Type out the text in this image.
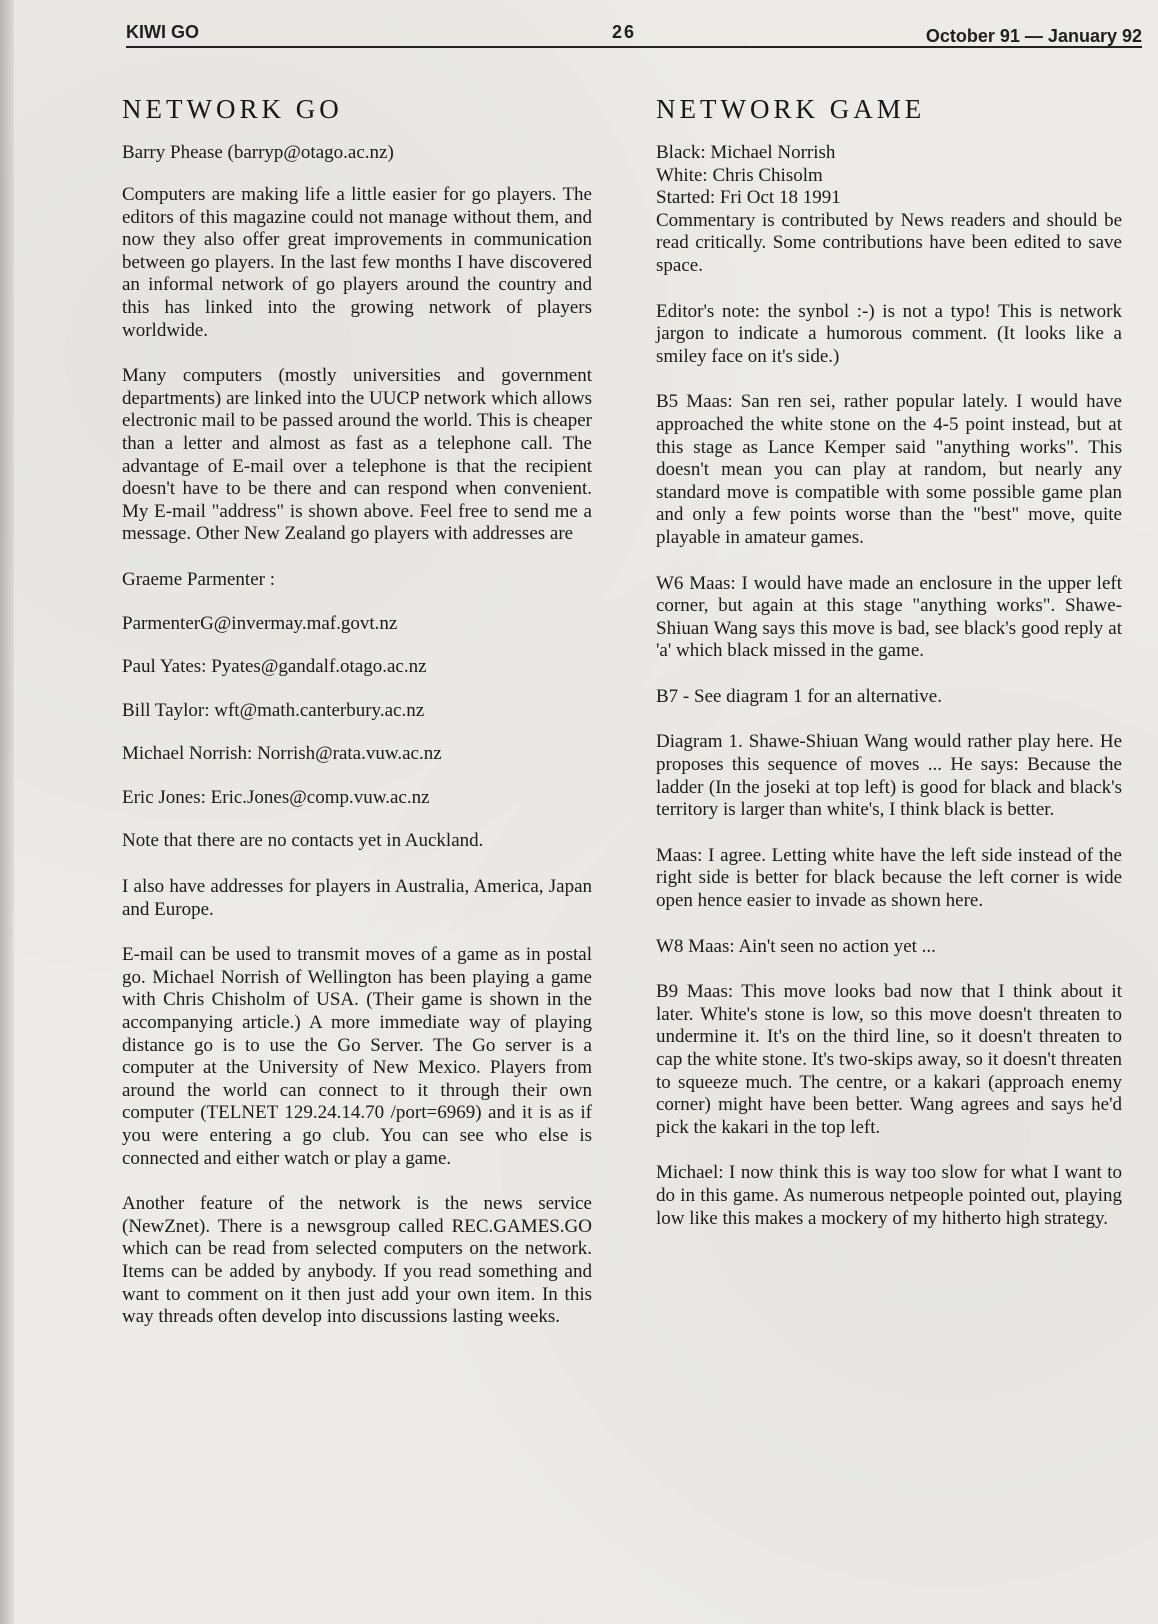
KIWI GO	26	October 91 — January 92
NETWORK GO

Barry Phease (barryp@otago.ac.nz)

Computers are making life a little easier for go players. The editors of this magazine could not manage without them, and now they also offer great improvements in communication between go players. In the last few months I have discovered an informal network of go players around the country and this has linked into the growing network of players worldwide.

Many computers (mostly universities and government departments) are linked into the UUCP network which allows electronic mail to be passed around the world. This is cheaper than a letter and almost as fast as a telephone call. The advantage of E-mail over a telephone is that the recipient doesn't have to be there and can respond when convenient. My E-mail "address" is shown above. Feel free to send me a message. Other New Zealand go players with addresses are

Graeme Parmenter :

ParmenterG@invermay.maf.govt.nz

Paul Yates: Pyates@gandalf.otago.ac.nz

Bill Taylor: wft@math.canterbury.ac.nz

Michael Norrish: Norrish@rata.vuw.ac.nz

Eric Jones: Eric.Jones@comp.vuw.ac.nz

Note that there are no contacts yet in Auckland.

I also have addresses for players in Australia, America, Japan and Europe.

E-mail can be used to transmit moves of a game as in postal go. Michael Norrish of Wellington has been playing a game with Chris Chisholm of USA. (Their game is shown in the accompanying article.) A more immediate way of playing distance go is to use the Go Server. The Go server is a computer at the University of New Mexico. Players from around the world can connect to it through their own computer (TELNET 129.24.14.70 /port=6969) and it is as if you were entering a go club. You can see who else is connected and either watch or play a game.

Another feature of the network is the news service (NewZnet). There is a newsgroup called REC.GAMES.GO which can be read from selected computers on the network. Items can be added by anybody. If you read something and want to comment on it then just add your own item. In this way threads often develop into discussions lasting weeks.

NETWORK GAME

Black: Michael Norrish

White: Chris Chisolm

Started: Fri Oct 18 1991

Commentary is contributed by News readers and should be read critically. Some contributions have been edited to save space.

Editor's note: the synbol :-) is not a typo! This is network jargon to indicate a humorous comment. (It looks like a smiley face on it's side.)

B5 Maas: San ren sei, rather popular lately. I would have approached the white stone on the 4-5 point instead, but at this stage as Lance Kemper said "anything works". This doesn't mean you can play at random, but nearly any standard move is compatible with some possible game plan and only a few points worse than the "best" move, quite playable in amateur games.

W6 Maas: I would have made an enclosure in the upper left corner, but again at this stage "anything works". Shawe-Shiuan Wang says this move is bad, see black's good reply at 'a' which black missed in the game.

B7 - See diagram 1 for an alternative.

Diagram 1. Shawe-Shiuan Wang would rather play here. He proposes this sequence of moves ... He says: Because the ladder (In the joseki at top left) is good for black and black's territory is larger than white's, I think black is better.

Maas: I agree. Letting white have the left side instead of the right side is better for black because the left corner is wide open hence easier to invade as shown here.

W8 Maas: Ain't seen no action yet ...

B9 Maas: This move looks bad now that I think about it later. White's stone is low, so this move doesn't threaten to undermine it. It's on the third line, so it doesn't threaten to cap the white stone. It's two-skips away, so it doesn't threaten to squeeze much. The centre, or a kakari (approach enemy corner) might have been better. Wang agrees and says he'd pick the kakari in the top left.

Michael: I now think this is way too slow for what I want to do in this game. As numerous netpeople pointed out, playing low like this makes a mockery of my hitherto high strategy.
